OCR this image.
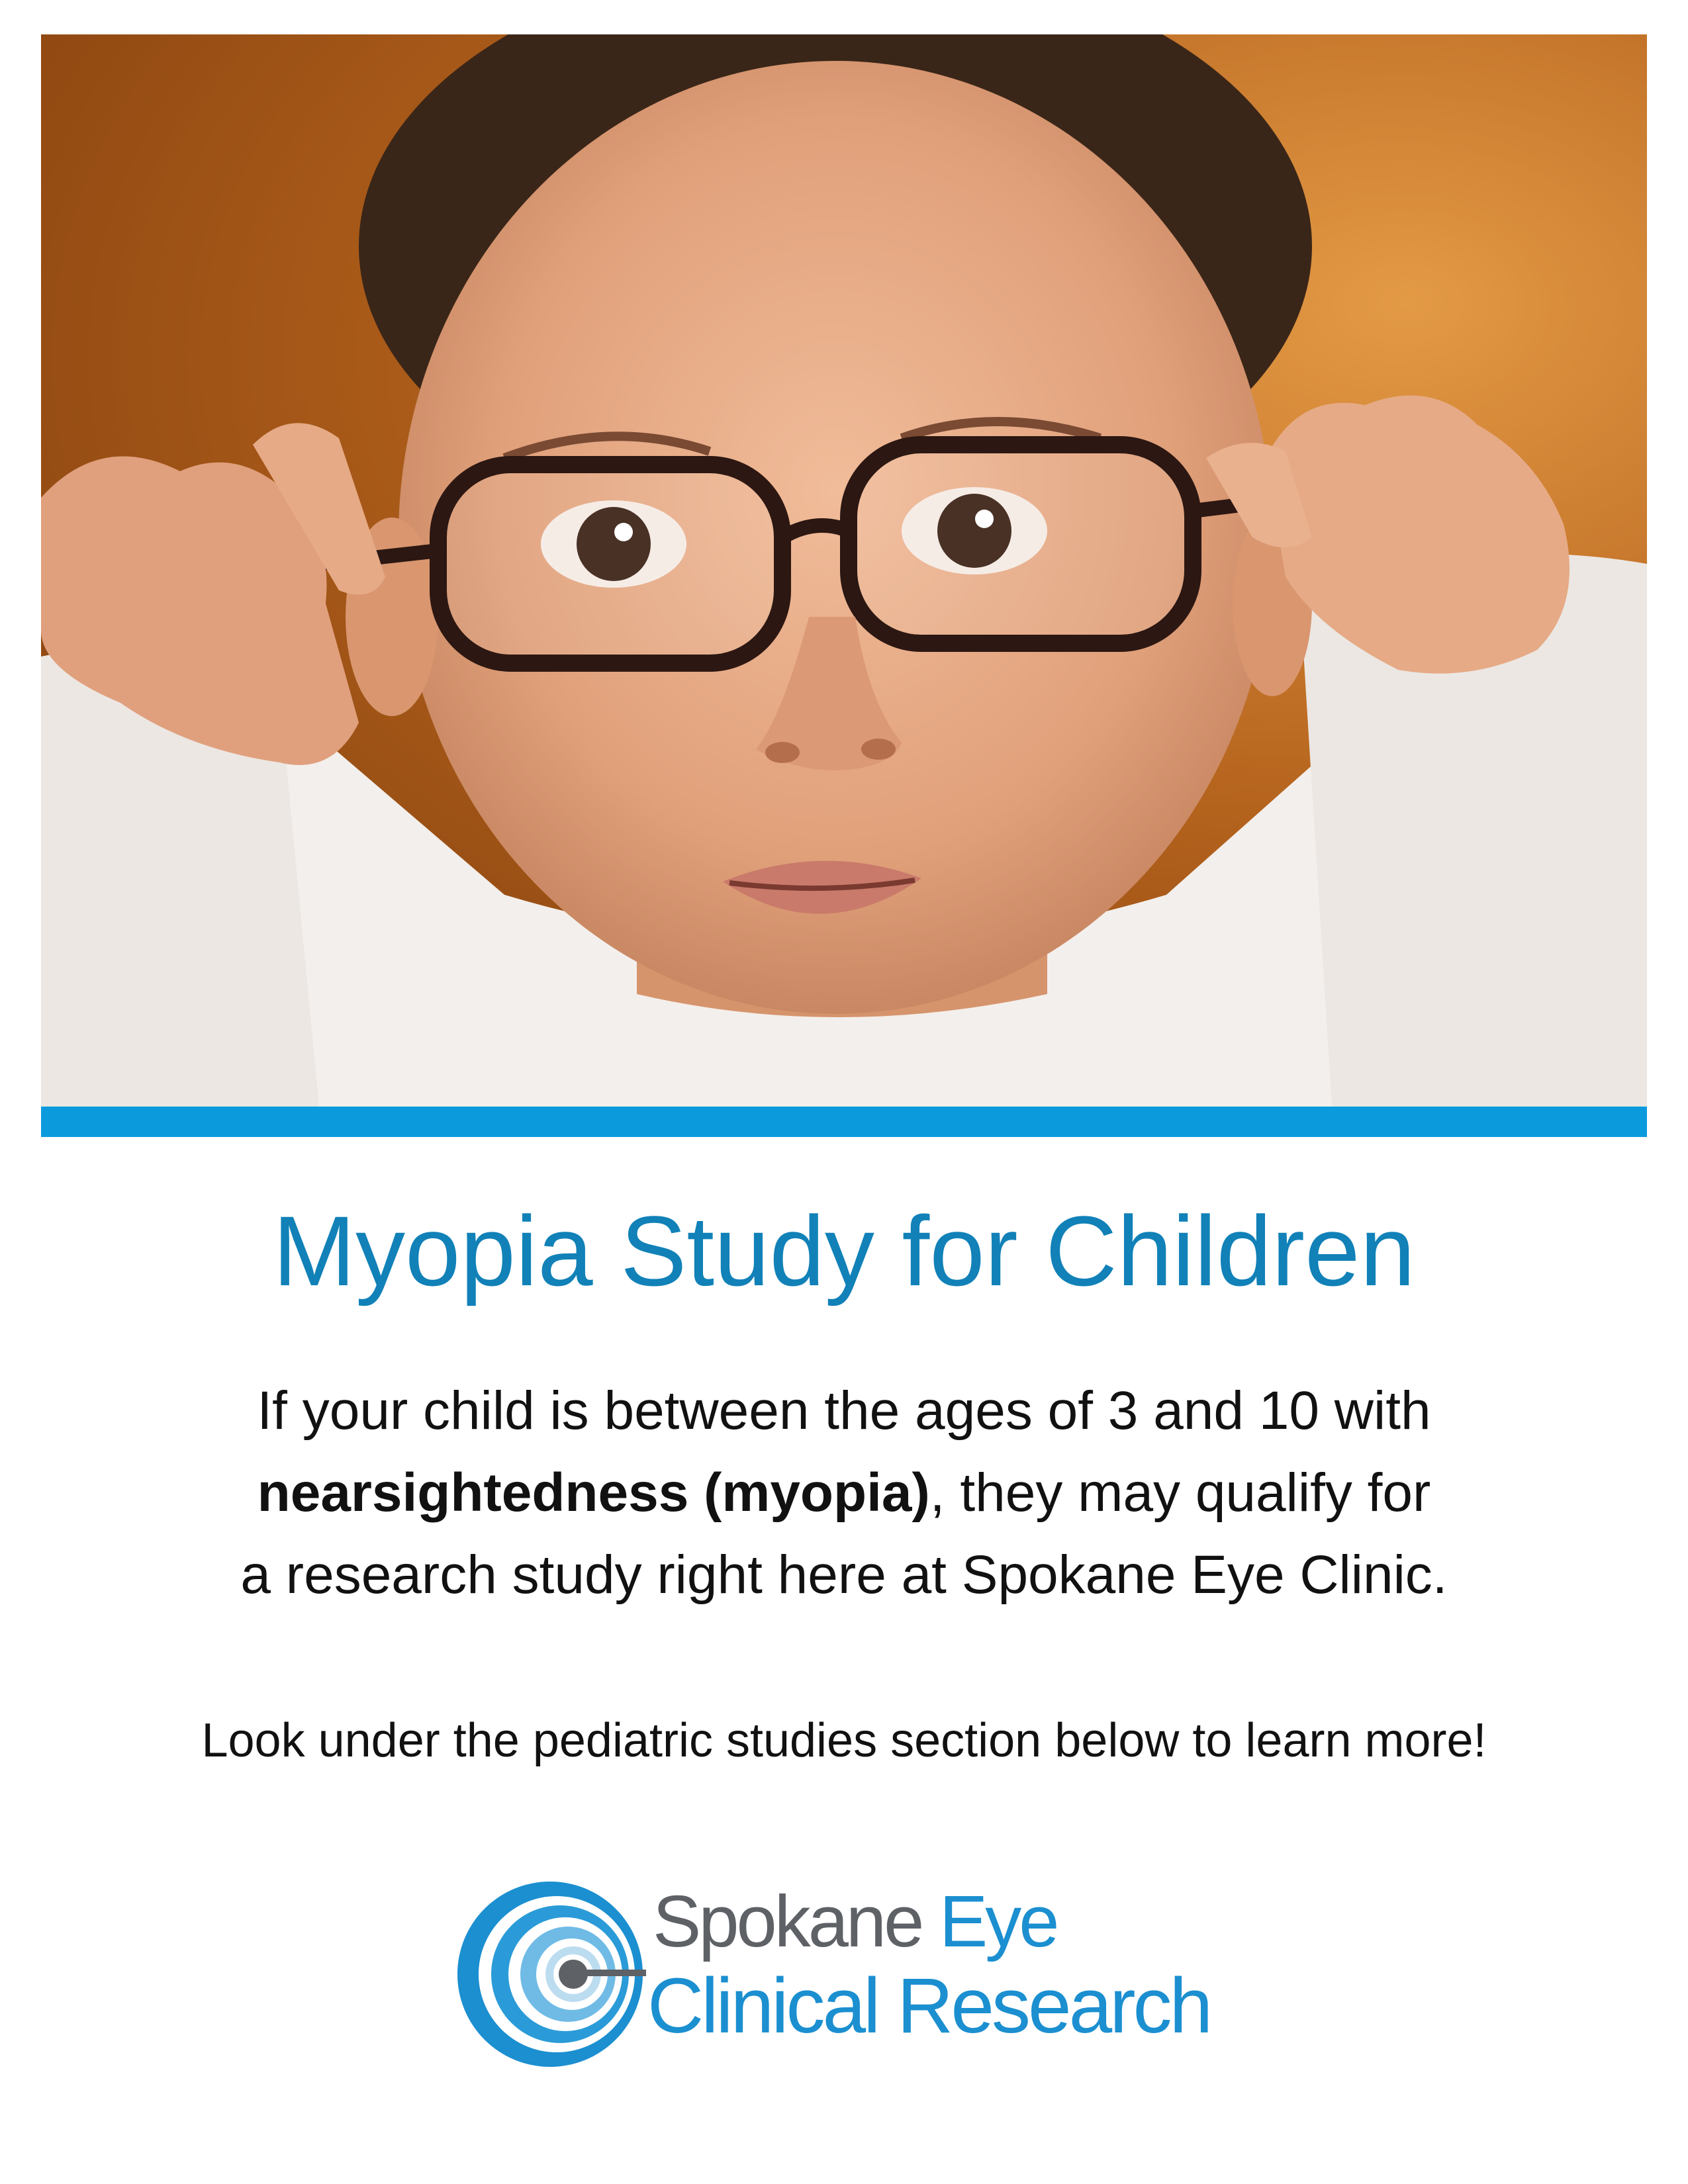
Myopia Study for Children
If your child is between the ages of 3 and 10 with
nearsightedness (myopia), they may qualify for
a research study right here at Spokane Eye Clinic.
Look under the pediatric studies section below to learn more!
Spokane Eye
Clinical Research
